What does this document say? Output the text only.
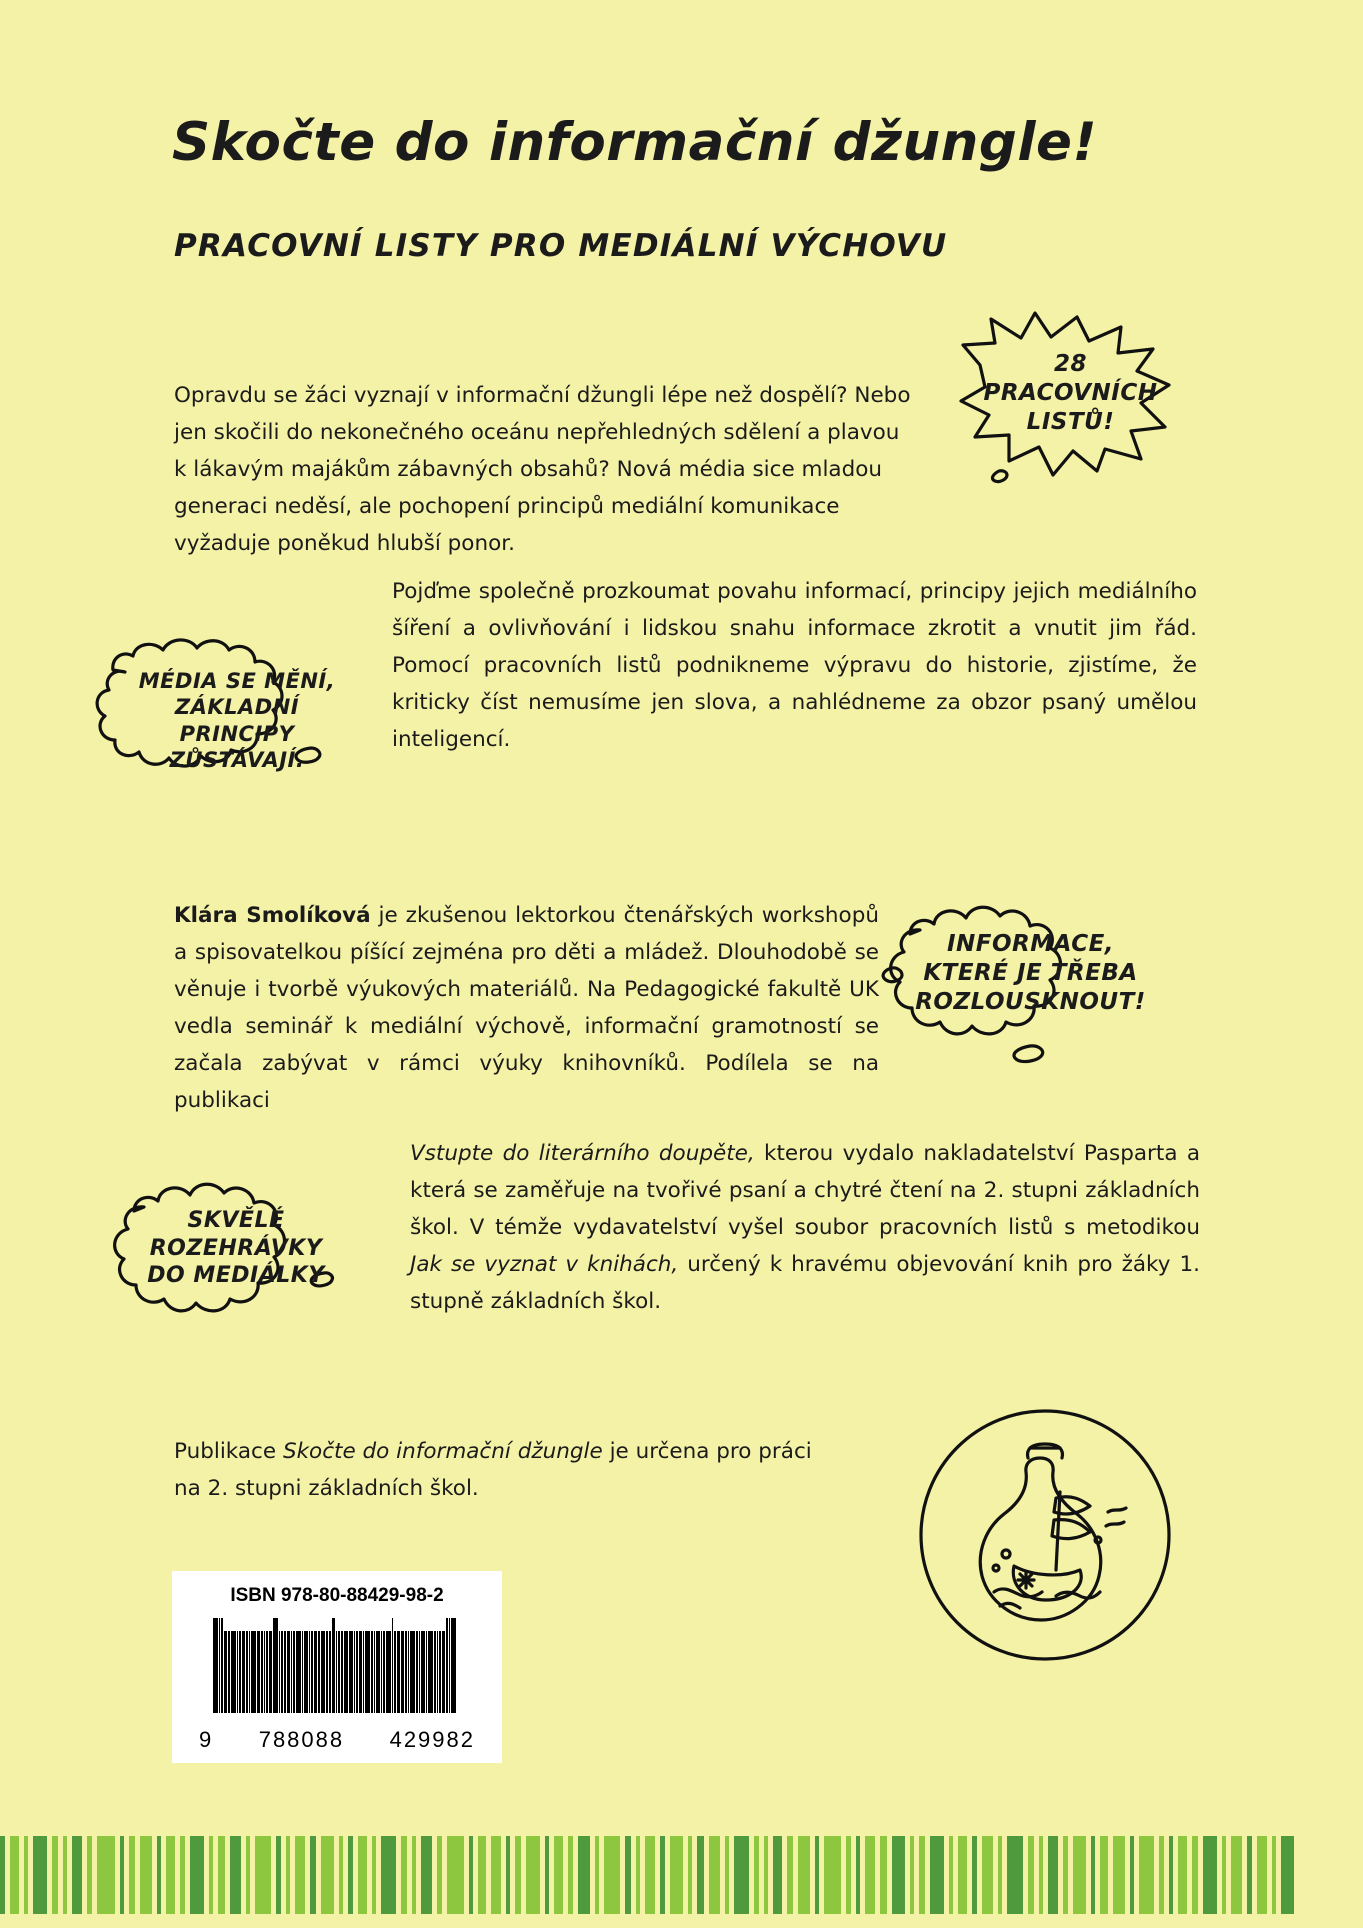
Skočte do informační džungle!
PRACOVNÍ LISTY PRO MEDIÁLNÍ VÝCHOVU
Opravdu se žáci vyznají v informační džungli lépe než dospělí? Nebo jen skočili do nekonečného oceánu nepřehledných sdělení a plavou k lákavým majákům zábavných obsahů? Nová média sice mladou generaci neděsí, ale pochopení principů mediální komunikace vyžaduje poněkud hlubší ponor.
Pojďme společně prozkoumat povahu informací, principy jejich mediálního šíření a ovlivňování i lidskou snahu informace zkrotit a vnutit jim řád. Pomocí pracovních listů podnikneme výpravu do historie, zjistíme, že kriticky číst nemusíme jen slova, a nahlédneme za obzor psaný umělou inteligencí.
Klára Smolíková je zkušenou lektorkou čtenářských workshopů a spisovatelkou píšící zejména pro děti a mládež. Dlouhodobě se věnuje i tvorbě výukových materiálů. Na Pedagogické fakultě UK vedla seminář k mediální výchově, informační gramotností se začala zabývat v rámci výuky knihovníků. Podílela se na publikaci
Vstupte do literárního doupěte, kterou vydalo nakladatelství Pasparta a která se zaměřuje na tvořivé psaní a chytré čtení na 2. stupni základních škol. V témže vydavatelství vyšel soubor pracovních listů s metodikou Jak se vyznat v knihách, určený k hravému objevování knih pro žáky 1. stupně základních škol.
Publikace Skočte do informační džungle je určena pro práci na 2. stupni základních škol.
28
PRACOVNÍCH
LISTŮ!
MÉDIA SE MĚNÍ,
ZÁKLADNÍ PRINCIPY
ZŮSTÁVAJÍ.
INFORMACE,
KTERÉ JE TŘEBA
ROZLOUSKNOUT!
SKVĚLÉ
ROZEHRÁVKY
DO MEDIÁLKY
ISBN 978-80-88429-98-2
9 788088 429982
